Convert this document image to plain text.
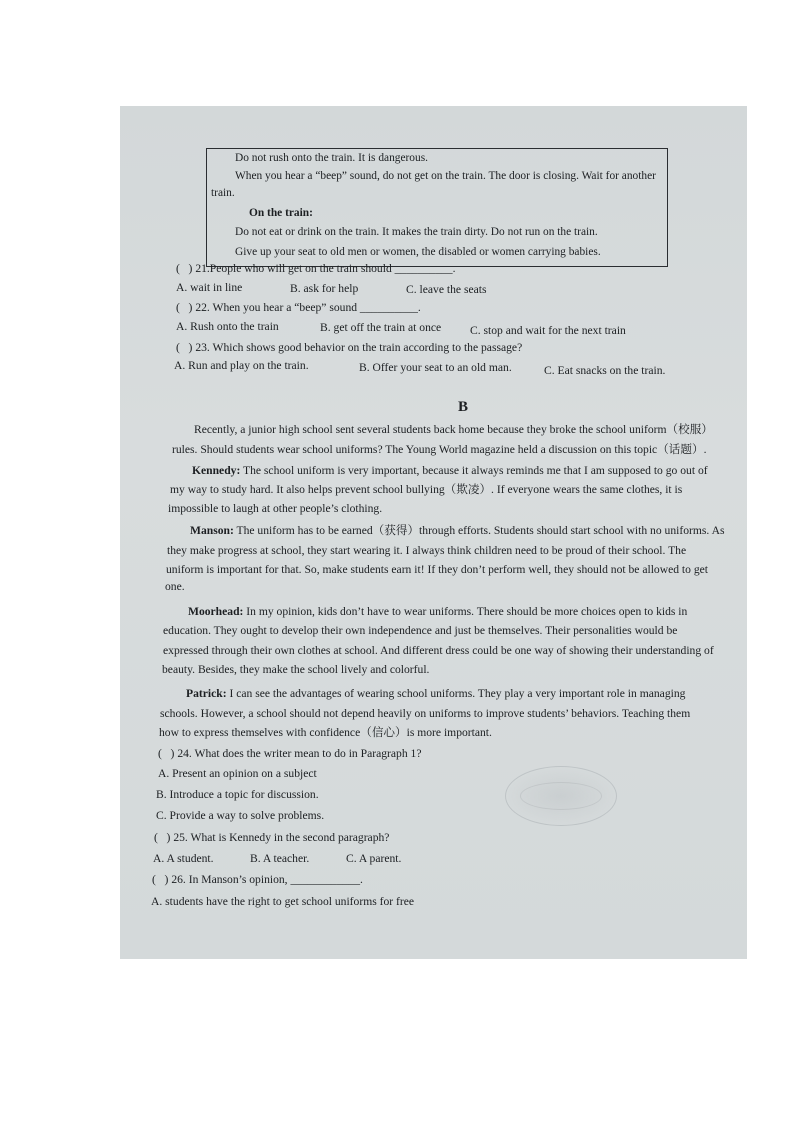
Do not rush onto the train. It is dangerous.
When you hear a “beep” sound, do not get on the train. The door is closing. Wait for another
train.
On the train:
Do not eat or drink on the train. It makes the train dirty. Do not run on the train.
Give up your seat to old men or women, the disabled or women carrying babies.
(   ) 21.People who will get on the train should __________.
A. wait in line	B. ask for help	C. leave the seats
(   ) 22. When you hear a “beep” sound __________.
A. Rush onto the train	B. get off the train at once C. stop and wait for the next train
(   ) 23. Which shows good behavior on the train according to the passage?
A. Run and play on the train.	B. Offer your seat to an old man.	C. Eat snacks on the train.
B
Recently, a junior high school sent several students back home because they broke the school uniform（校服）
rules. Should students wear school uniforms? The Young World magazine held a discussion on this topic（话题）.
Kennedy: The school uniform is very important, because it always reminds me that I am supposed to go out of
my way to study hard. It also helps prevent school bullying（欺凌）. If everyone wears the same clothes, it is
impossible to laugh at other people’s clothing.
Manson: The uniform has to be earned（获得）through efforts. Students should start school with no uniforms. As
they make progress at school, they start wearing it. I always think children need to be proud of their school. The
uniform is important for that. So, make students earn it! If they don’t perform well, they should not be allowed to get
one.
Moorhead: In my opinion, kids don’t have to wear uniforms. There should be more choices open to kids in
education. They ought to develop their own independence and just be themselves. Their personalities would be
expressed through their own clothes at school. And different dress could be one way of showing their understanding of
beauty. Besides, they make the school lively and colorful.
Patrick: I can see the advantages of wearing school uniforms. They play a very important role in managing
schools. However, a school should not depend heavily on uniforms to improve students’ behaviors. Teaching them
how to express themselves with confidence（信心）is more important.
(   ) 24. What does the writer mean to do in Paragraph 1?
A. Present an opinion on a subject
B. Introduce a topic for discussion.
C. Provide a way to solve problems.
(   ) 25. What is Kennedy in the second paragraph?
A. A student.	B. A teacher.	C. A parent.
(   ) 26. In Manson’s opinion, ____________.
A. students have the right to get school uniforms for free
